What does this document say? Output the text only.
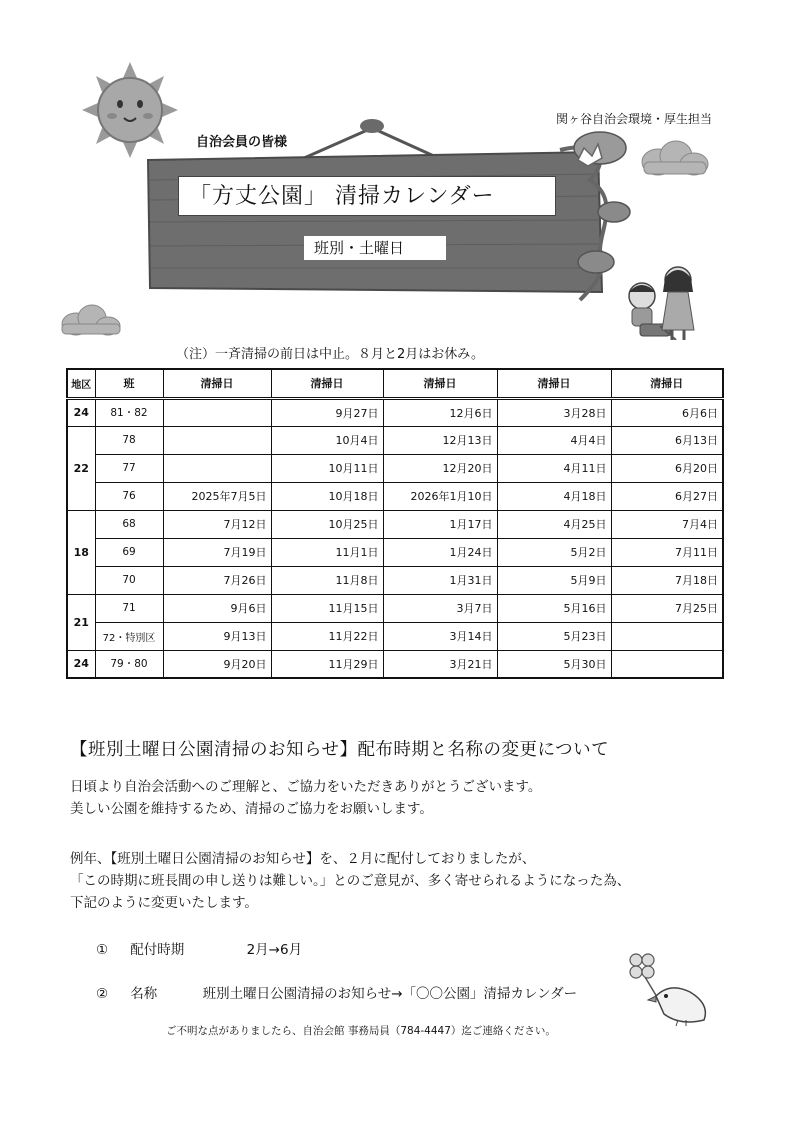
関ヶ谷自治会環境・厚生担当
自治会員の皆様
「方丈公園」 清掃カレンダー
班別・土曜日
（注）一斉清掃の前日は中止。８月と2月はお休み。
地区	班	清掃日	清掃日	清掃日	清掃日	清掃日
24	81・82		9月27日	12月6日	3月28日	6月6日
22	78		10月4日	12月13日	4月4日	6月13日
	77		10月11日	12月20日	4月11日	6月20日
	76	2025年7月5日	10月18日	2026年1月10日	4月18日	6月27日
18	68	7月12日	10月25日	1月17日	4月25日	7月4日
	69	7月19日	11月1日	1月24日	5月2日	7月11日
	70	7月26日	11月8日	1月31日	5月9日	7月18日
21	71	9月6日	11月15日	3月7日	5月16日	7月25日
	72・特別区	9月13日	11月22日	3月14日	5月23日	
24	79・80	9月20日	11月29日	3月21日	5月30日	
【班別土曜日公園清掃のお知らせ】配布時期と名称の変更について
日頃より自治会活動へのご理解と、ご協力をいただきありがとうございます。
美しい公園を維持するため、清掃のご協力をお願いします。
例年、【班別土曜日公園清掃のお知らせ】を、２月に配付しておりましたが、
「この時期に班長間の申し送りは難しい。」とのご意見が、多く寄せられるようになった為、
下記のように変更いたします。
① 配付時期	2月→6月
② 名称	班別土曜日公園清掃のお知らせ→「〇〇公園」清掃カレンダー
ご不明な点がありましたら、自治会館 事務局員（784-4447）迄ご連絡ください。
